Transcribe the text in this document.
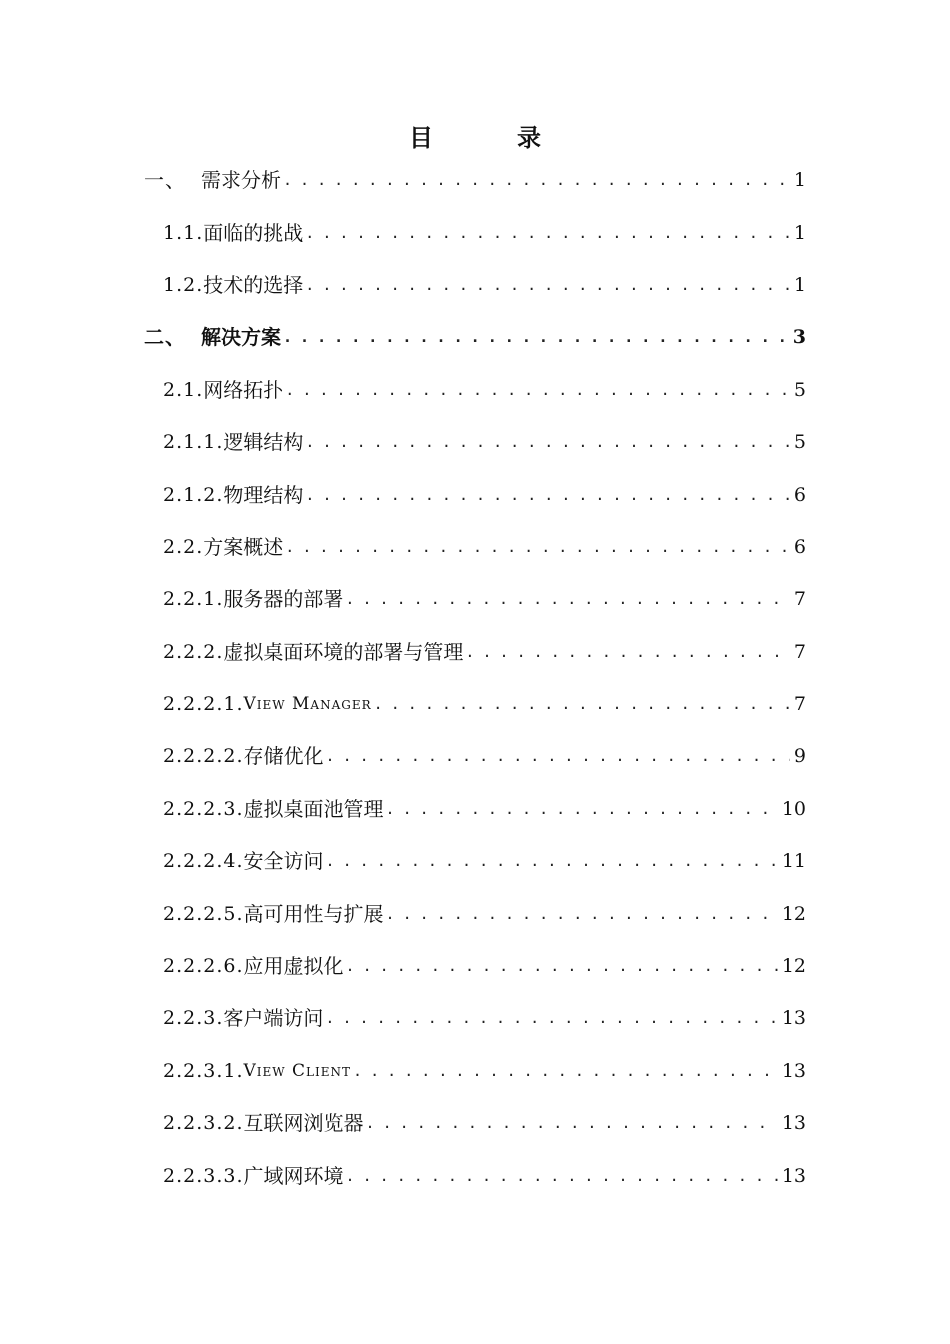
目　录
一、 需求分析 . . .	1
1.1. 面临的挑战 . . .	1
1.2. 技术的选择 . . .	1
二、 解决方案 . . .	3
2.1. 网络拓扑 . . .	5
2.1.1. 逻辑结构 . . .	5
2.1.2. 物理结构 . . .	6
2.2. 方案概述 . . .	6
2.2.1. 服务器的部署 . . .	7
2.2.2. 虚拟桌面环境的部署与管理 . . .	7
2.2.2.1. View Manager . . .	7
2.2.2.2. 存储优化 . . .	9
2.2.2.3. 虚拟桌面池管理 . . .	10
2.2.2.4. 安全访问 . . .	11
2.2.2.5. 高可用性与扩展 . . .	12
2.2.2.6. 应用虚拟化 . . .	12
2.2.3. 客户端访问 . . .	13
2.2.3.1. View Client . . .	13
2.2.3.2. 互联网浏览器 . . .	13
2.2.3.3. 广域网环境 . . .	13
